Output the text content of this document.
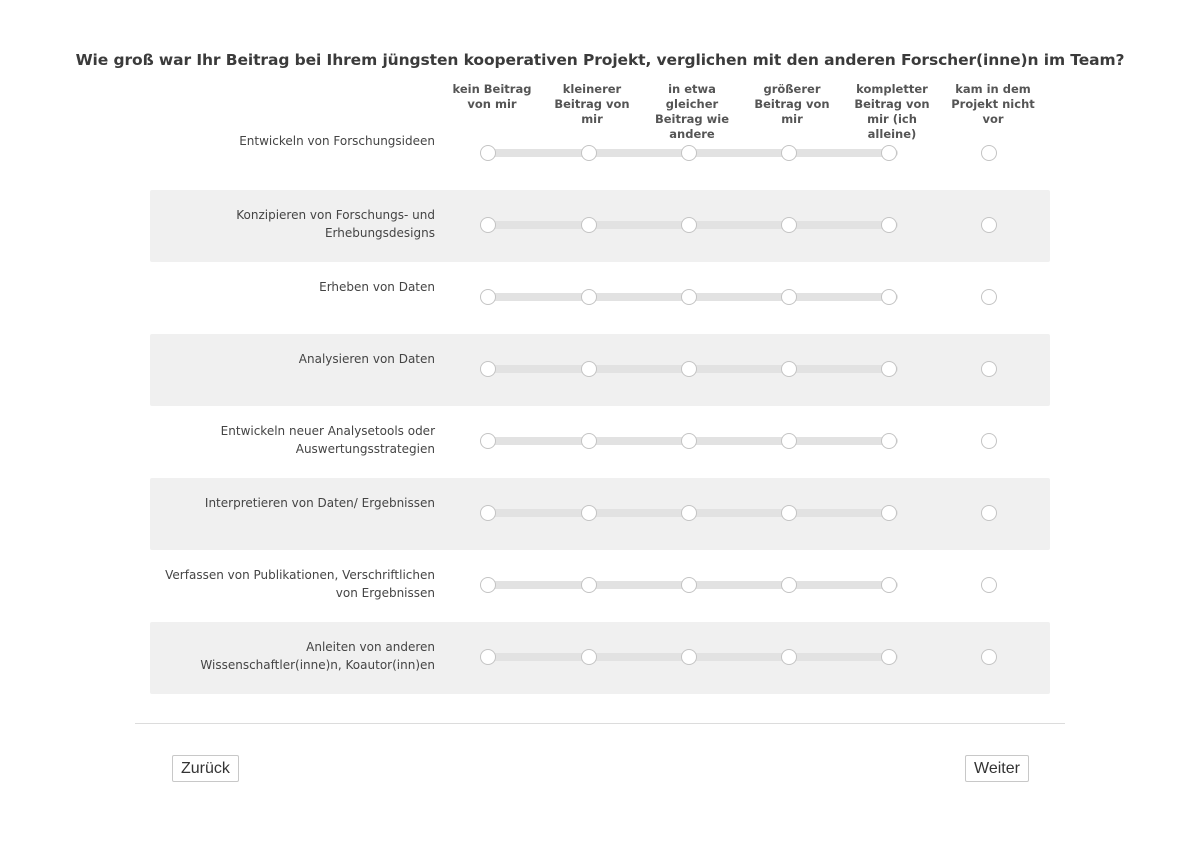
Wie groß war Ihr Beitrag bei Ihrem jüngsten kooperativen Projekt, verglichen mit den anderen Forscher(inne)n im Team?
kein Beitrag von mir
kleinerer Beitrag von mir
in etwa gleicher Beitrag wie andere
größerer Beitrag von mir
kompletter Beitrag von mir (ich alleine)
kam in dem Projekt nicht vor
Entwickeln von Forschungsideen
Konzipieren von Forschungs- und Erhebungsdesigns
Erheben von Daten
Analysieren von Daten
Entwickeln neuer Analysetools oder Auswertungsstrategien
Interpretieren von Daten/ Ergebnissen
Verfassen von Publikationen, Verschriftlichen von Ergebnissen
Anleiten von anderen Wissenschaftler(inne)n, Koautor(inn)en
Zurück	Weiter
